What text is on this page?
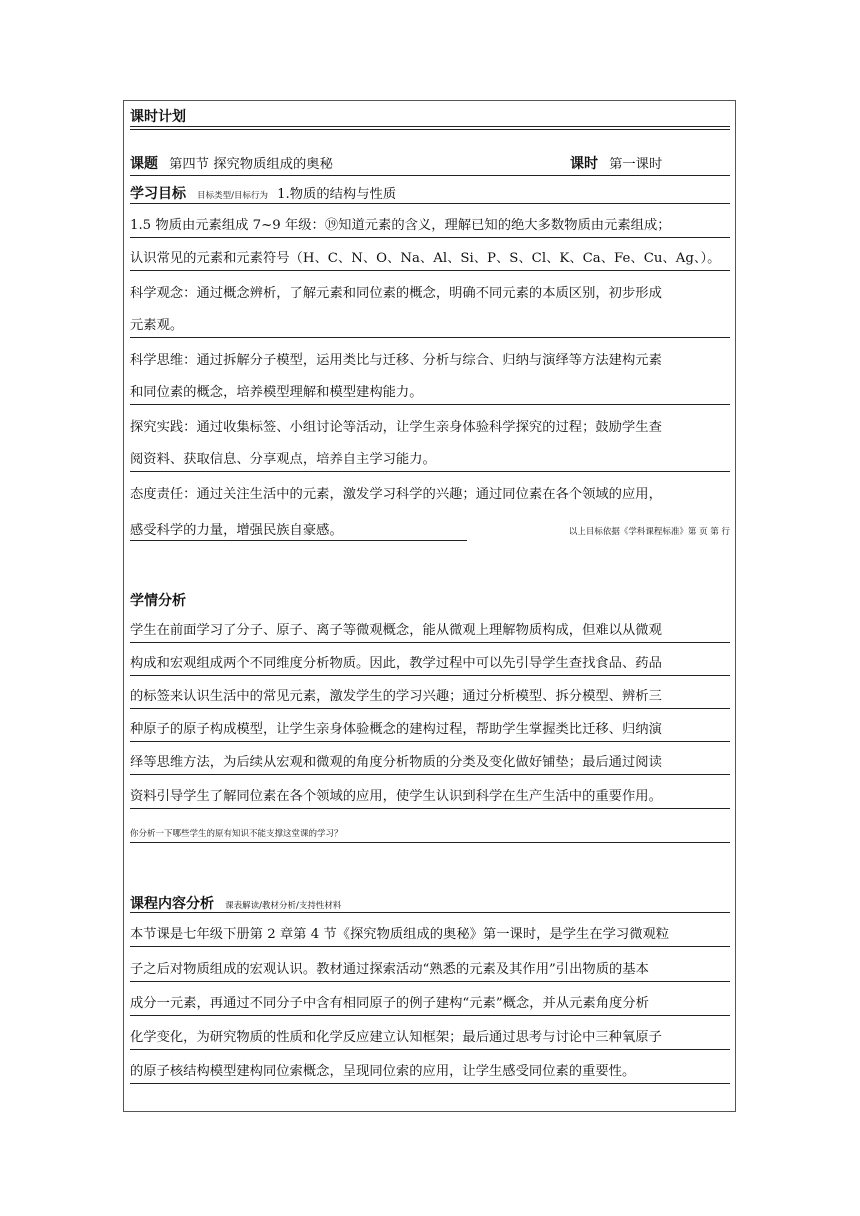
课时计划
课题 第四节 探究物质组成的奥秘	课时 第一课时
学习目标 目标类型/目标行为 1.物质的结构与性质
1.5 物质由元素组成 7~9 年级：⑲知道元素的含义，理解已知的绝大多数物质由元素组成；
认识常见的元素和元素符号（H、C、N、O、Na、Al、Si、P、S、Cl、K、Ca、Fe、Cu、Ag、）。
科学观念：通过概念辨析，了解元素和同位素的概念，明确不同元素的本质区别，初步形成
元素观。
科学思维：通过拆解分子模型，运用类比与迁移、分析与综合、归纳与演绎等方法建构元素
和同位素的概念，培养模型理解和模型建构能力。
探究实践：通过收集标签、小组讨论等活动，让学生亲身体验科学探究的过程；鼓励学生查
阅资料、获取信息、分享观点，培养自主学习能力。
态度责任：通过关注生活中的元素，激发学习科学的兴趣；通过同位素在各个领域的应用，
感受科学的力量，增强民族自豪感。	以上目标依据《学科课程标准》第 页 第 行
学情分析
学生在前面学习了分子、原子、离子等微观概念，能从微观上理解物质构成，但难以从微观
构成和宏观组成两个不同维度分析物质。因此，教学过程中可以先引导学生查找食品、药品
的标签来认识生活中的常见元素，激发学生的学习兴趣；通过分析模型、拆分模型、辨析三
种原子的原子构成模型，让学生亲身体验概念的建构过程，帮助学生掌握类比迁移、归纳演
绎等思维方法，为后续从宏观和微观的角度分析物质的分类及变化做好铺垫；最后通过阅读
资料引导学生了解同位素在各个领域的应用，使学生认识到科学在生产生活中的重要作用。
你分析一下哪些学生的原有知识不能支撑这堂课的学习？
课程内容分析 课表解读/教材分析/支持性材料
本节课是七年级下册第 2 章第 4 节《探究物质组成的奥秘》第一课时，是学生在学习微观粒
子之后对物质组成的宏观认识。教材通过探索活动“熟悉的元素及其作用”引出物质的基本
成分一元素，再通过不同分子中含有相同原子的例子建构“元素”概念，并从元素角度分析
化学变化，为研究物质的性质和化学反应建立认知框架；最后通过思考与讨论中三种氧原子
的原子核结构模型建构同位索概念，呈现同位索的应用，让学生感受同位素的重要性。
